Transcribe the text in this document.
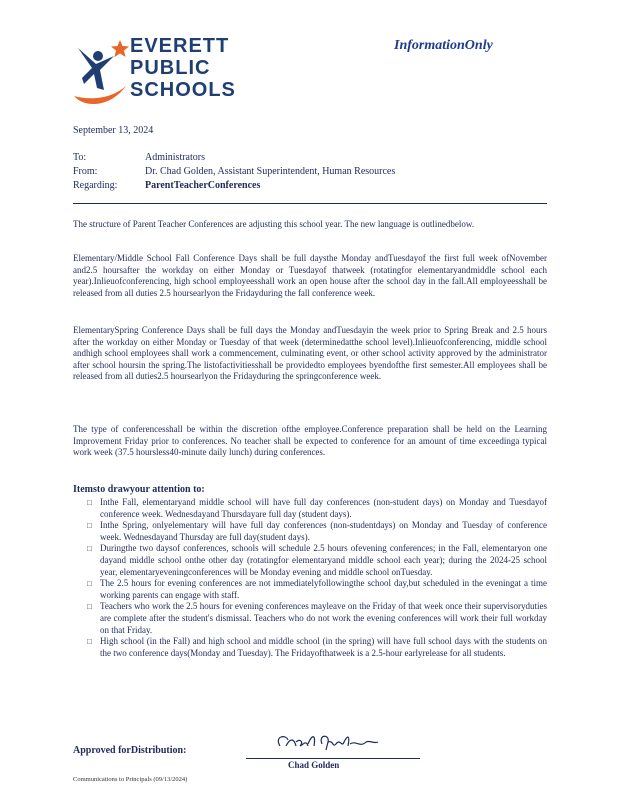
EVERETT
PUBLIC
SCHOOLS
InformationOnly
September 13, 2024
To:	Administrators
From:	Dr. Chad Golden, Assistant Superintendent, Human Resources
Regarding:	ParentTeacherConferences
The structure of Parent Teacher Conferences are adjusting this school year. The new language is outlinedbelow.
Elementary/Middle School Fall Conference Days shall be full daysthe Monday andTuesdayof the first full week ofNovember and2.5 hoursafter the workday on either Monday or Tuesdayof thatweek (rotatingfor elementaryandmiddle school each year).Inlieuofconferencing, high school employeesshall work an open house after the school day in the fall.All employeesshall be released from all duties 2.5 hoursearlyon the Fridayduring the fall conference week.
ElementarySpring Conference Days shall be full days the Monday andTuesdayin the week prior to Spring Break and 2.5 hours after the workday on either Monday or Tuesday of that week (determinedatthe school level).Inlieuofconferencing, middle school andhigh school employees shall work a commencement, culminating event, or other school activity approved by the administrator after school hoursin the spring.The listofactivitiesshall be providedto employees byendofthe first semester.All employees shall be released from all duties2.5 hoursearlyon the Fridayduring the springconference week.
The type of conferencesshall be within the discretion ofthe employee.Conference preparation shall be held on the Learning Improvement Friday prior to conferences. No teacher shall be expected to conference for an amount of time exceedinga typical work week (37.5 hoursless40-minute daily lunch) during conferences.
Itemsto drawyour attention to:
□ Inthe Fall, elementaryand middle school will have full day conferences (non-student days) on Monday and Tuesdayof conference week. Wednesdayand Thursdayare full day (student days).
□ Inthe Spring, onlyelementary will have full day conferences (non-studentdays) on Monday and Tuesday of conference week. Wednesdayand Thursday are full day(student days).
□ Duringthe two daysof conferences, schools will schedule 2.5 hours ofevening conferences; in the Fall, elementaryon one dayand middle school onthe other day (rotatingfor elementaryand middle school each year); during the 2024-25 school year, elementaryeveningconferences will be Monday evening and middle school onTuesday.
□ The 2.5 hours for evening conferences are not immediatelyfollowingthe school day,but scheduled in the eveningat a time working parents can engage with staff.
□ Teachers who work the 2.5 hours for evening conferences mayleave on the Friday of that week once their supervisoryduties are complete after the student's dismissal. Teachers who do not work the evening conferences will work their full workday on that Friday.
□ High school (in the Fall) and high school and middle school (in the spring) will have full school days with the students on the two conference days(Monday and Tuesday). The Fridayofthatweek is a 2.5-hour earlyrelease for all students.
Approved forDistribution:
Chad Golden
Communications to Principals (09/13/2024)
